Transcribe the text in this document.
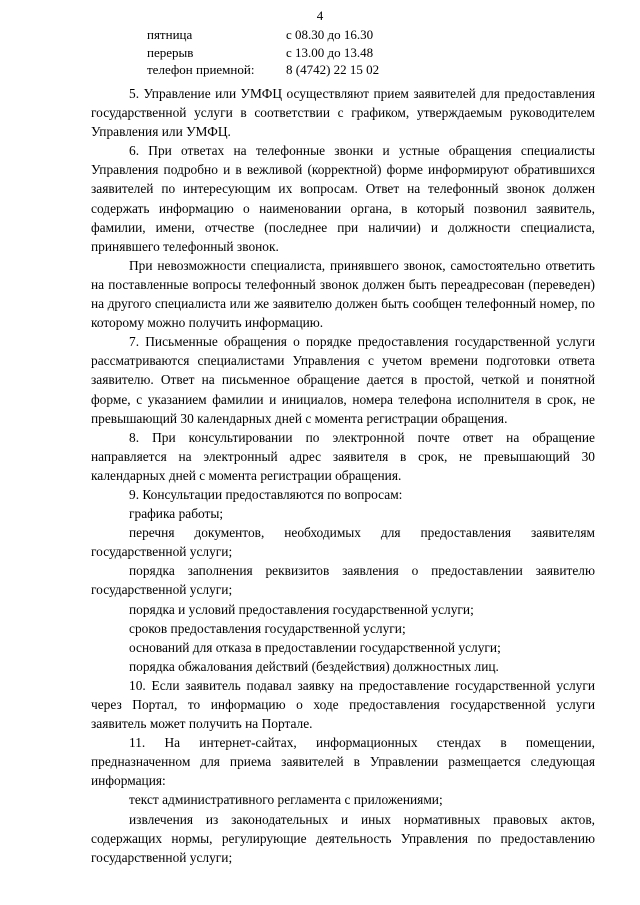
4
пятница	с 08.30 до 16.30
перерыв	с 13.00 до 13.48
телефон приемной:	8 (4742) 22 15 02

5. Управление или УМФЦ осуществляют прием заявителей для предоставления государственной услуги в соответствии с графиком, утверждаемым руководителем Управления или УМФЦ.

6. При ответах на телефонные звонки и устные обращения специалисты Управления подробно и в вежливой (корректной) форме информируют обратившихся заявителей по интересующим их вопросам. Ответ на телефонный звонок должен содержать информацию о наименовании органа, в который позвонил заявитель, фамилии, имени, отчестве (последнее при наличии) и должности специалиста, принявшего телефонный звонок.

При невозможности специалиста, принявшего звонок, самостоятельно ответить на поставленные вопросы телефонный звонок должен быть переадресован (переведен) на другого специалиста или же заявителю должен быть сообщен телефонный номер, по которому можно получить информацию.

7. Письменные обращения о порядке предоставления государственной услуги рассматриваются специалистами Управления с учетом времени подготовки ответа заявителю. Ответ на письменное обращение дается в простой, четкой и понятной форме, с указанием фамилии и инициалов, номера телефона исполнителя в срок, не превышающий 30 календарных дней с момента регистрации обращения.

8. При консультировании по электронной почте ответ на обращение направляется на электронный адрес заявителя в срок, не превышающий 30 календарных дней с момента регистрации обращения.

9. Консультации предоставляются по вопросам:

графика работы;

перечня документов, необходимых для предоставления заявителям государственной услуги;

порядка заполнения реквизитов заявления о предоставлении заявителю государственной услуги;

порядка и условий предоставления государственной услуги;

сроков предоставления государственной услуги;

оснований для отказа в предоставлении государственной услуги;

порядка обжалования действий (бездействия) должностных лиц.

10. Если заявитель подавал заявку на предоставление государственной услуги через Портал, то информацию о ходе предоставления государственной услуги заявитель может получить на Портале.

11. На интернет-сайтах, информационных стендах в помещении, предназначенном для приема заявителей в Управлении размещается следующая информация:

текст административного регламента с приложениями;

извлечения из законодательных и иных нормативных правовых актов, содержащих нормы, регулирующие деятельность Управления по предоставлению государственной услуги;
